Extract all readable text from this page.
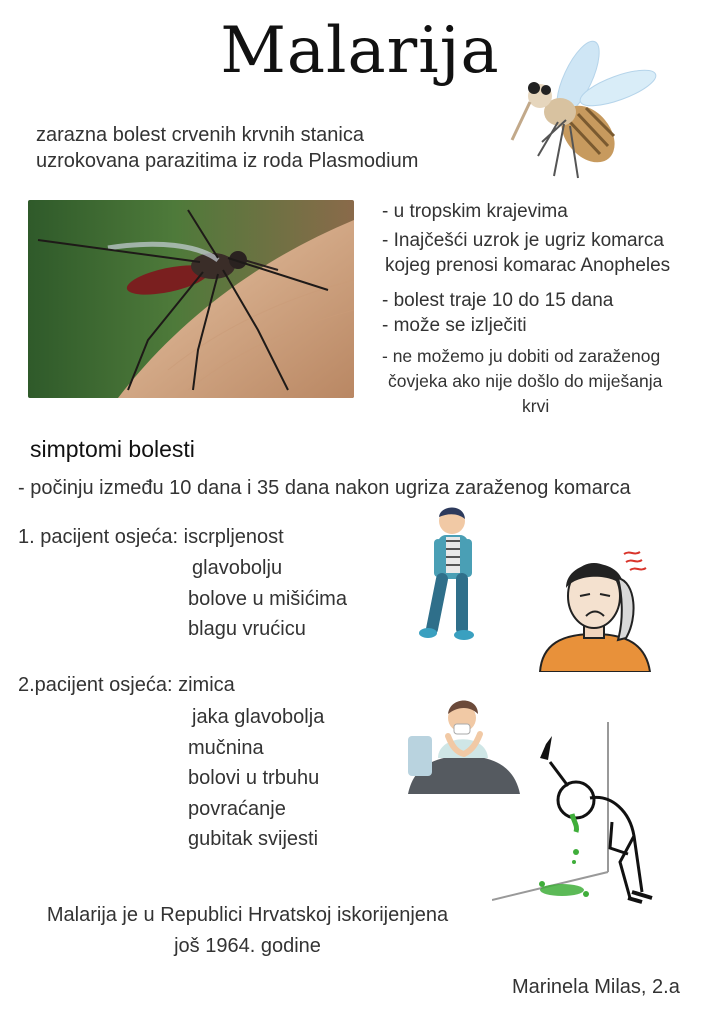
Malarija
zarazna bolest crvenih krvnih stanica
uzrokovana parazitima iz roda Plasmodium
- u tropskim krajevima
- Inajčešći uzrok je ugriz komarca
kojeg prenosi komarac Anopheles
- bolest traje 10 do 15 dana
- može se izlječiti
- ne možemo ju dobiti od zaraženog
čovjeka ako nije došlo do miješanja
krvi
simptomi bolesti
- počinju između 10 dana i 35 dana nakon ugriza zaraženog komarca
1. pacijent osjeća: iscrpljenost
glavobolju
bolove u mišićima
blagu vrućicu
2.pacijent osjeća: zimica
jaka glavobolja
mučnina
bolovi u trbuhu
povraćanje
gubitak svijesti
Malarija je u Republici Hrvatskoj iskorijenjena
još 1964. godine
Marinela Milas, 2.a
